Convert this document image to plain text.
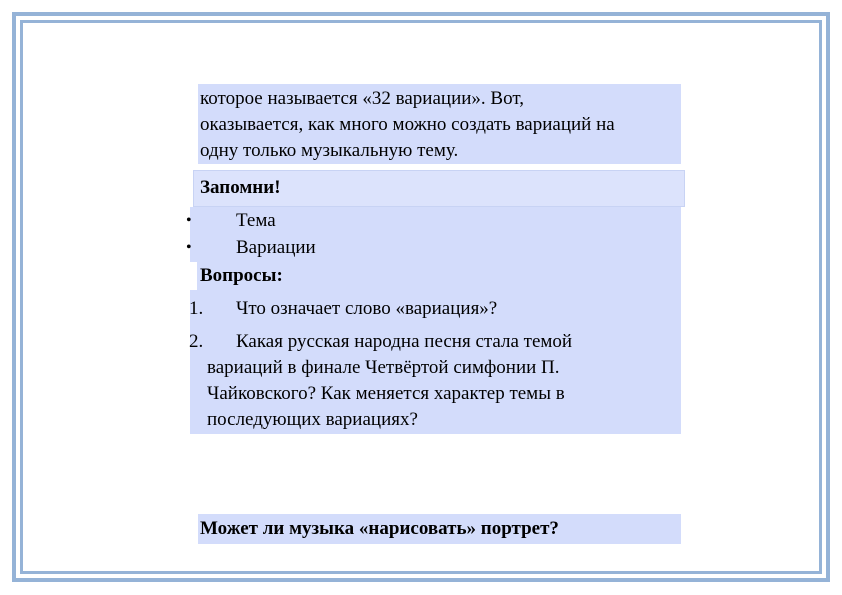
которое называется «32 вариации». Вот,
оказывается, как много можно создать вариаций на
одну только музыкальную тему.
Запомни!
• Тема
• Вариации
Вопросы:
1. Что означает слово «вариация»?
2. Какая русская народна песня стала темой
вариаций в финале Четвёртой симфонии П.
Чайковского? Как меняется характер темы в
последующих вариациях?
Может ли музыка «нарисовать» портрет?
